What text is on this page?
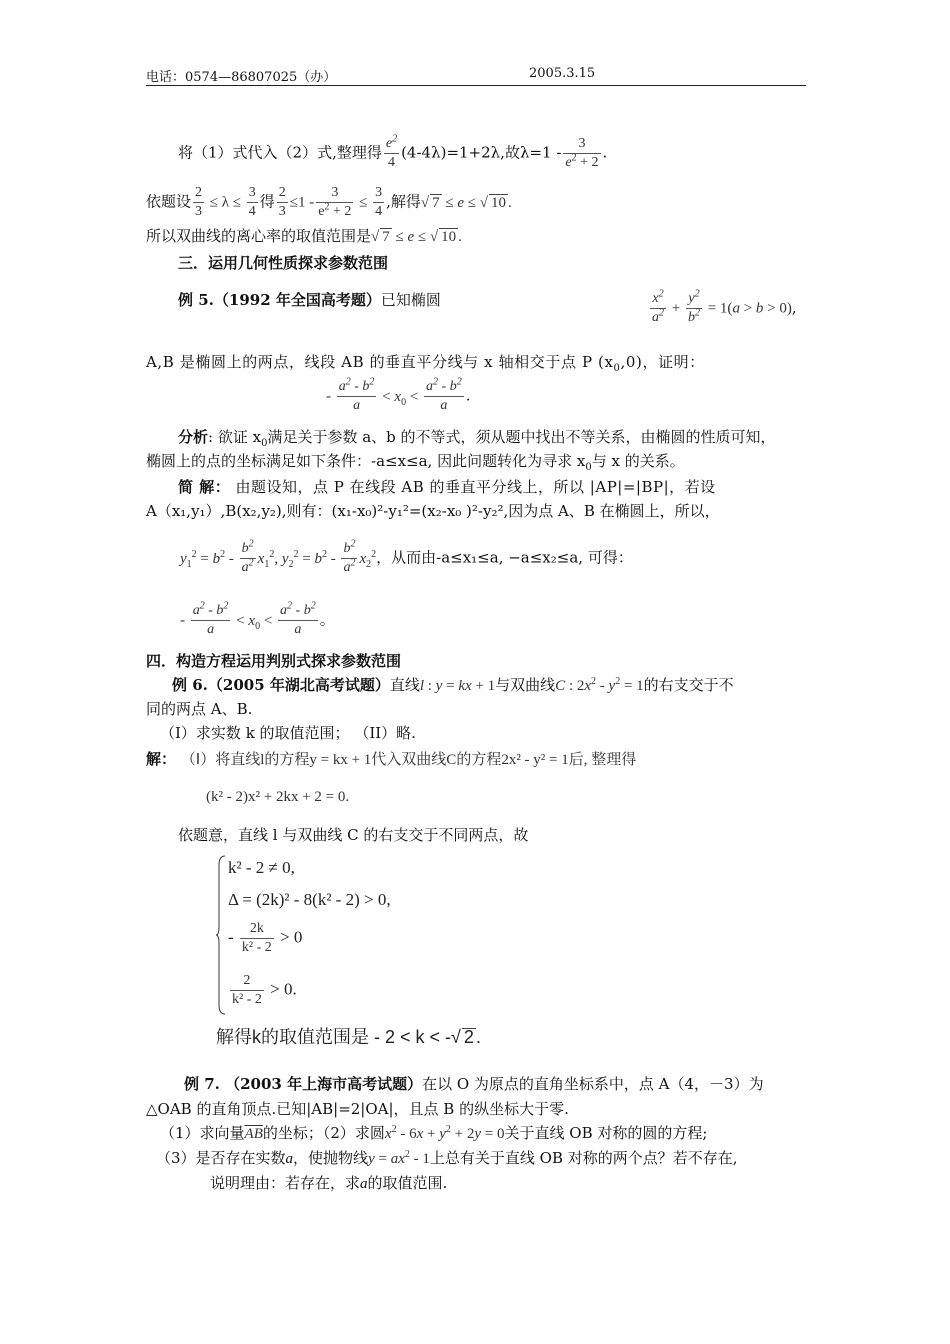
电话：0574—86807025（办）	2005.3.15
将（1）式代入（2）式,整理得 $\frac{e^2}{4} (4-4\lambda)=1+2\lambda$,故$\lambda=1 - \frac{3}{e^2 + 2}$ .
依题设 $\frac{2}{3} \le \lambda \le \frac{3}{4}$ 得 $\frac{2}{3} \le 1 - \frac{3}{e^2 + 2} \le \frac{3}{4}$ ,解得√ 7 ≤ e ≤ √ 10 .
所以双曲线的离心率的取值范围是√ 7 ≤ e ≤ √ 10 .
三．运用几何性质探求参数范围
例 5.（1992 年全国高考题）已知椭圆	$\frac{x^2}{a^2} + \frac{y^2}{b^2} = 1(a > b > 0)$,
A,B 是椭圆上的两点，线段 AB 的垂直平分线与 x 轴相交于点 P $(x_0,0)$，证明：
- $\frac{a^2 - b^2}{a} < x_0 < \frac{a^2 - b^2}{a}$ .
分析: 欲证 $x_0$满足关于参数 a、b 的不等式，须从题中找出不等关系，由椭圆的性质可知，
椭圆上的点的坐标满足如下条件：-a≤x≤a, 因此问题转化为寻求 $x_0$与 x 的关系。
简 解： 由题设知，点 P 在线段 AB 的垂直平分线上，所以 |AP|=|BP|，若设
A（x₁,y₁）,B(x₂,y₂),则有：(x₁-x₀)²-y₁²=(x₂-x₀ )²-y₂²,因为点 A、B 在椭圆上，所以，
$y_1^2 = b^2 - \frac{b^2}{a^2} x_1^2$, $y_2^2 = b^2 - \frac{b^2}{a^2} x_2^2$，从而由-a≤x₁≤a, −a≤x₂≤a, 可得：
- $\frac{a^2 - b^2}{a} < x_0 < \frac{a^2 - b^2}{a}$ 。
四．构造方程运用判别式探求参数范围
例 6.（2005 年湖北高考试题）直线l : y = kx + 1与双曲线C : $2x^2 - y^2 = 1$的右支交于不
同的两点 A、B.
（I）求实数 k 的取值范围； （II）略.
解： （Ⅰ）将直线l的方程y = kx + 1代入双曲线C的方程2x² - y² = 1后, 整理得
(k² - 2)x² + 2kx + 2 = 0.
依题意，直线 l 与双曲线 C 的右支交于不同两点，故
k² - 2 ≠ 0,
Δ = (2k)² - 8(k² - 2) > 0,
- $\frac{2k}{\text{k² - 2}} > 0$
$\frac{2}{\text{k² - 2}} > 0$.
解得k的取值范围是 - 2 < k < -√ 2 .
例 7. （2003 年上海市高考试题）在以 O 为原点的直角坐标系中，点 A（4，－3）为
△OAB 的直角顶点.已知|AB|=2|OA|，且点 B 的纵坐标大于零.
（1）求向量$\overline{AB}$的坐标；（2）求圆$x^2 - 6x + y^2 + 2y = 0$关于直线 OB 对称的圆的方程;
（3）是否存在实数a，使抛物线$y = ax^2 - 1$上总有关于直线 OB 对称的两个点？若不存在,
说明理由：若存在，求a的取值范围.
